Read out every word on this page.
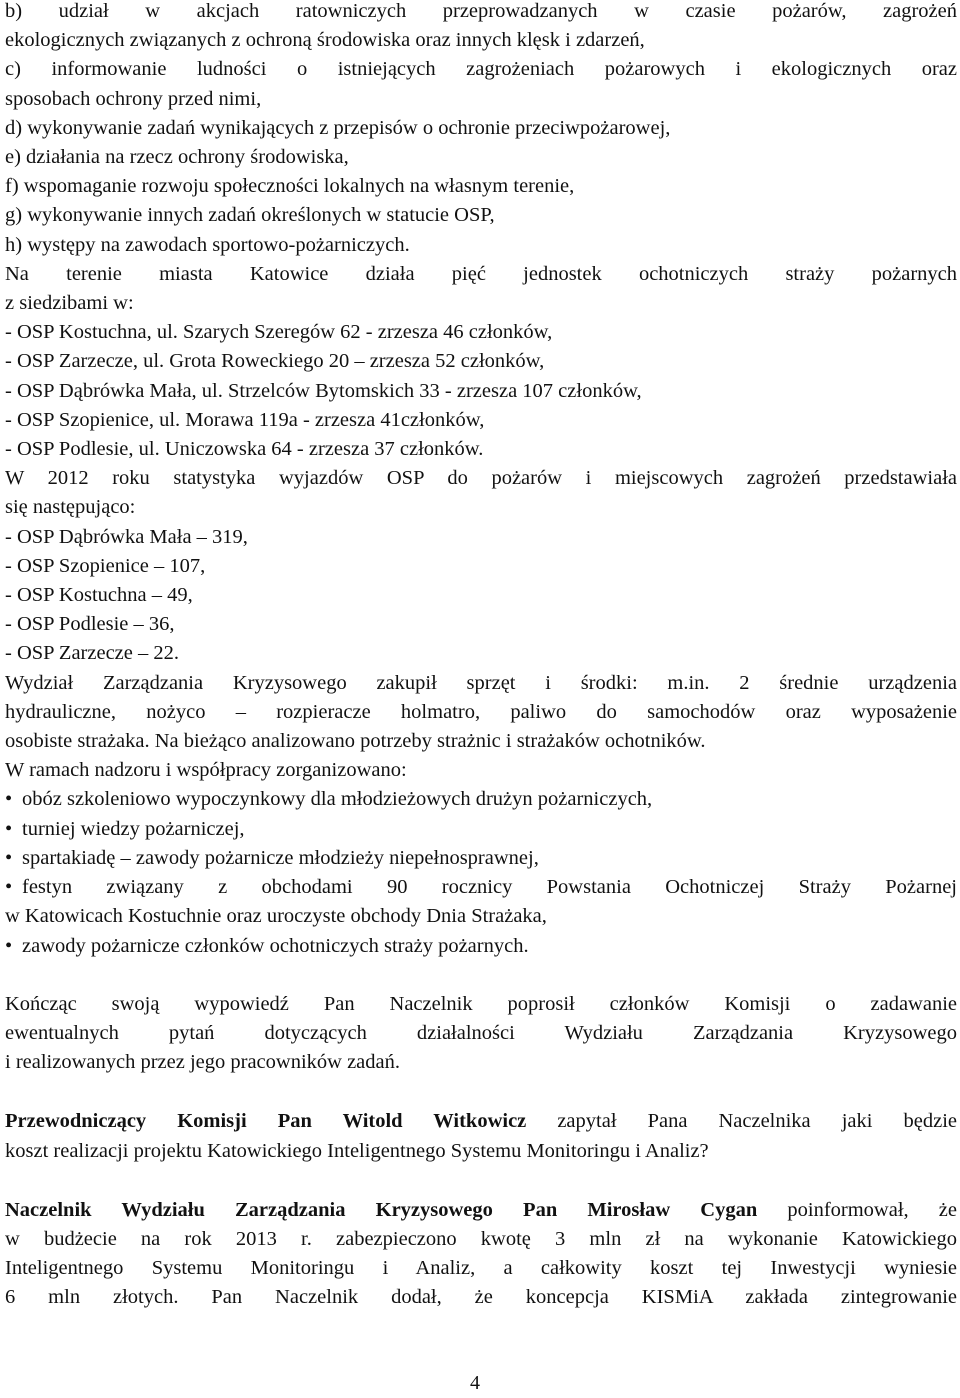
b) udział w akcjach ratowniczych przeprowadzanych w czasie pożarów, zagrożeń
ekologicznych związanych z ochroną środowiska oraz innych klęsk i zdarzeń,
c) informowanie ludności o istniejących zagrożeniach pożarowych i ekologicznych oraz
sposobach ochrony przed nimi,
d) wykonywanie zadań wynikających z przepisów o ochronie przeciwpożarowej,
e) działania na rzecz ochrony środowiska,
f) wspomaganie rozwoju społeczności lokalnych na własnym terenie,
g) wykonywanie innych zadań określonych w statucie OSP,
h) występy na zawodach sportowo-pożarniczych.
Na terenie miasta Katowice działa pięć jednostek ochotniczych straży pożarnych
z siedzibami w:
- OSP Kostuchna, ul. Szarych Szeregów 62 - zrzesza 46 członków,
- OSP Zarzecze, ul. Grota Roweckiego 20 – zrzesza 52 członków,
- OSP Dąbrówka Mała, ul. Strzelców Bytomskich 33 - zrzesza 107 członków,
- OSP Szopienice, ul. Morawa 119a - zrzesza 41członków,
- OSP Podlesie, ul. Uniczowska 64 - zrzesza 37 członków.
W 2012 roku statystyka wyjazdów OSP do pożarów i miejscowych zagrożeń przedstawiała
się następująco:
- OSP Dąbrówka Mała – 319,
- OSP Szopienice – 107,
- OSP Kostuchna – 49,
- OSP Podlesie – 36,
- OSP Zarzecze – 22.
Wydział Zarządzania Kryzysowego zakupił sprzęt i środki: m.in. 2 średnie urządzenia
hydrauliczne, nożyco – rozpieracze holmatro, paliwo do samochodów oraz wyposażenie
osobiste strażaka. Na bieżąco analizowano potrzeby strażnic i strażaków ochotników.
W ramach nadzoru i współpracy zorganizowano:
• obóz szkoleniowo wypoczynkowy dla młodzieżowych drużyn pożarniczych,
• turniej wiedzy pożarniczej,
• spartakiadę – zawody pożarnicze młodzieży niepełnosprawnej,
• festyn związany z obchodami 90 rocznicy Powstania Ochotniczej Straży Pożarnej
w Katowicach Kostuchnie oraz uroczyste obchody Dnia Strażaka,
• zawody pożarnicze członków ochotniczych straży pożarnych.
Kończąc swoją wypowiedź Pan Naczelnik poprosił członków Komisji o zadawanie
ewentualnych pytań dotyczących działalności Wydziału Zarządzania Kryzysowego
i realizowanych przez jego pracowników zadań.
Przewodniczący Komisji Pan Witold Witkowicz zapytał Pana Naczelnika jaki będzie
koszt realizacji projektu Katowickiego Inteligentnego Systemu Monitoringu i Analiz?
Naczelnik Wydziału Zarządzania Kryzysowego Pan Mirosław Cygan poinformował, że
w budżecie na rok 2013 r. zabezpieczono kwotę 3 mln zł na wykonanie Katowickiego
Inteligentnego Systemu Monitoringu i Analiz, a całkowity koszt tej Inwestycji wyniesie
6 mln złotych. Pan Naczelnik dodał, że koncepcja KISMiA zakłada zintegrowanie
4
